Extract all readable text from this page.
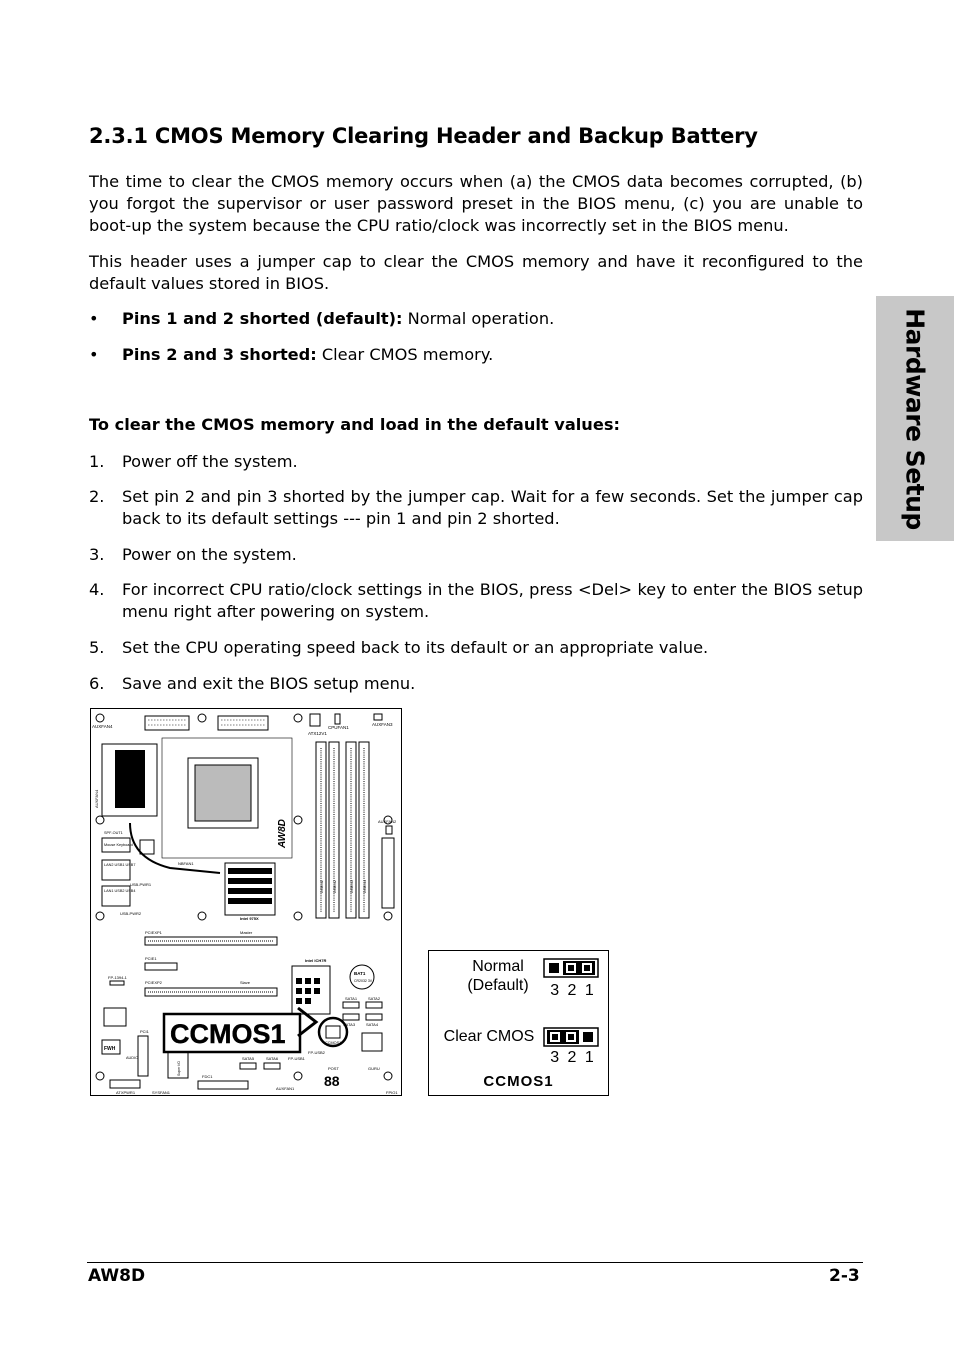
2.3.1 CMOS Memory Clearing Header and Backup Battery

The time to clear the CMOS memory occurs when (a) the CMOS data becomes corrupted, (b) you forgot the supervisor or user password preset in the BIOS menu, (c) you are unable to boot-up the system because the CPU ratio/clock was incorrectly set in the BIOS menu.

This header uses a jumper cap to clear the CMOS memory and have it reconfigured to the default values stored in BIOS.

• Pins 1 and 2 shorted (default): Normal operation.
• Pins 2 and 3 shorted: Clear CMOS memory.
To clear the CMOS memory and load in the default values:
1. Power off the system.
2. Set pin 2 and pin 3 shorted by the jumper cap. Wait for a few seconds. Set the jumper cap back to its default settings --- pin 1 and pin 2 shorted.
3. Power on the system.
4. For incorrect CPU ratio/clock settings in the BIOS, press <Del> key to enter the BIOS setup menu right after powering on system.
5. Set the CPU operating speed back to its default or an appropriate value.
6. Save and exit the BIOS setup menu.
Hardware Setup
AUXFAN4	AUXFAN3
ATX12V1
CPUFAN1
AUXFAN4
Mouse Keyboard
SPF-OUT1
LAN2 USB1 USB7
LAN1 USB2 USB4
USB-PWR1
USB-PWR2
NBFAN1
Intel 975X
AW8D
DIMM1 DIMM2	DIMM3 DIMM4
AUXFAN2
PCIEXP1	Master
PCIE1
PCIEXP2	Slave
Intel ICH7R
BAT1
CR2032 3V
SATA1	SATA2
SATA4
SATA3
CCMOS1
FP-1394-1
FWH
PCI1
AUDIO
Super I/O
ATXPWR1	SYSFAN1
FDC1
SATA5	SATA6
AUXFAN1
FP-USB2
FP-USB1
POST
88
GURU
FPIO1
CCMOS1
Normal
(Default)	3 2 1
Clear CMOS
3 2 1
CCMOS1
AW8D	2-3
